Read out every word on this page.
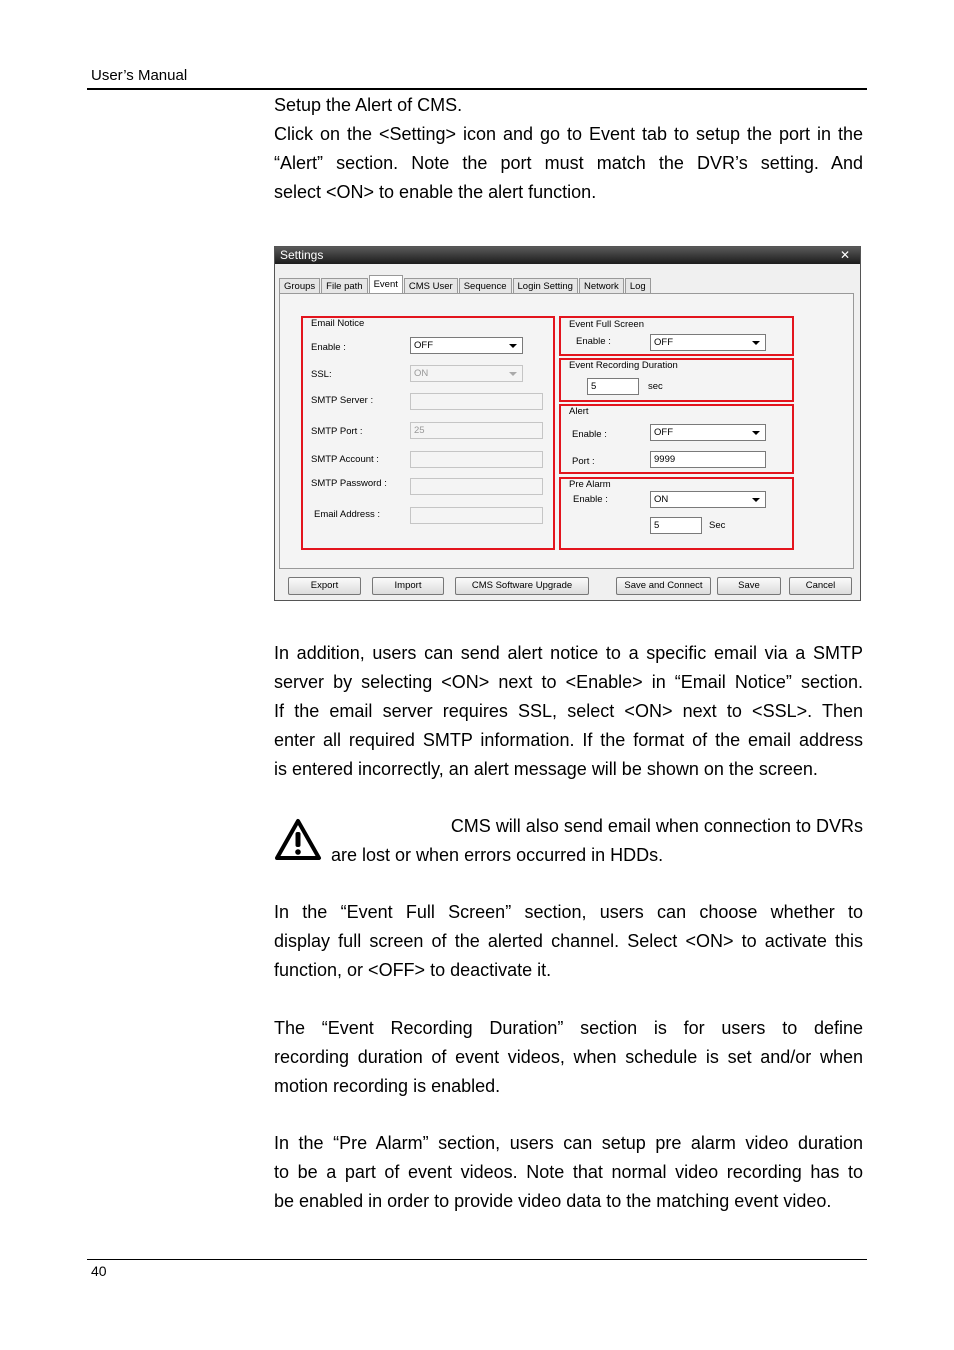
User’s Manual

Setup the Alert of CMS.
Click on the <Setting> icon and go to Event tab to setup the port in the
“Alert” section. Note the port must match the DVR’s setting. And
select <ON> to enable the alert function.

Settings	✕
Groups	File path	Event	CMS User	Sequence	Login Setting	Network	Log
Email Notice
Enable :	OFF
SSL:	ON
SMTP Server :
SMTP Port :	25
SMTP Account :
SMTP Password :
Email Address :
Event Full Screen
Enable :	OFF
Event Recording Duration
5	sec
Alert
Enable :	OFF
Port :	9999
Pre Alarm
Enable :	ON
5	Sec
Export	Import	CMS Software Upgrade	Save and Connect	Save	Cancel

In addition, users can send alert notice to a specific email via a SMTP
server by selecting <ON> next to <Enable> in “Email Notice” section.
If the email server requires SSL, select <ON> next to <SSL>. Then
enter all required SMTP information. If the format of the email address
is entered incorrectly, an alert message will be shown on the screen.

CMS will also send email when connection to DVRs
are lost or when errors occurred in HDDs.

In the “Event Full Screen” section, users can choose whether to
display full screen of the alerted channel. Select <ON> to activate this
function, or <OFF> to deactivate it.

The “Event Recording Duration” section is for users to define
recording duration of event videos, when schedule is set and/or when
motion recording is enabled.

In the “Pre Alarm” section, users can setup pre alarm video duration
to be a part of event videos. Note that normal video recording has to
be enabled in order to provide video data to the matching event video.

40
